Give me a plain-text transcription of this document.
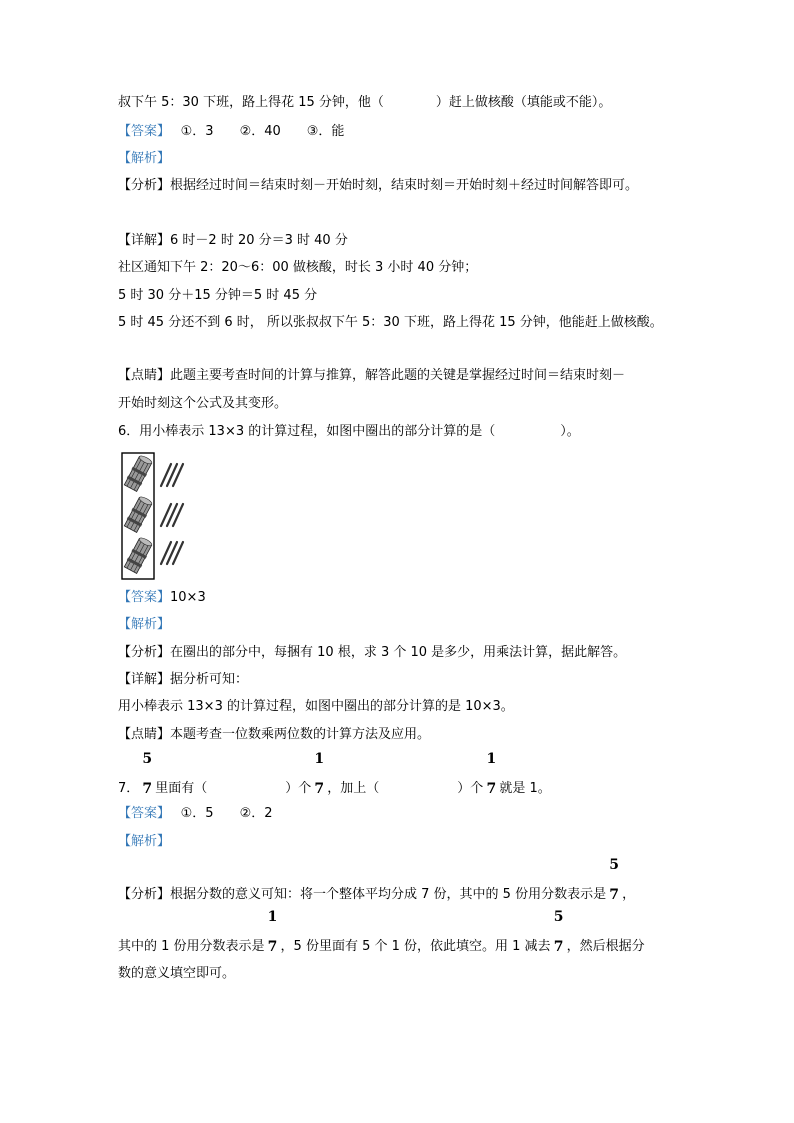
叔下午 5：30 下班，路上得花 15 分钟，他（　　　　）赶上做核酸（填能或不能）。
【答案】　 ①．3　　②．40　　③．能
【解析】
【分析】根据经过时间＝结束时刻－开始时刻，结束时刻＝开始时刻＋经过时间解答即可。
【详解】6 时－2 时 20 分＝3 时 40 分
社区通知下午 2：20～6：00 做核酸，时长 3 小时 40 分钟；
5 时 30 分＋15 分钟＝5 时 45 分
5 时 45 分还不到 6 时， 所以张叔叔下午 5：30 下班，路上得花 15 分钟，他能赶上做核酸。
【点睛】此题主要考查时间的计算与推算，解答此题的关键是掌握经过时间＝结束时刻－
开始时刻这个公式及其变形。
6．用小棒表示 13×3 的计算过程，如图中圈出的部分计算的是（　　　　　）。
【答案】10×3
【解析】
【分析】在圈出的部分中，每捆有 10 根，求 3 个 10 是多少，用乘法计算，据此解答。
【详解】据分析可知：
用小棒表示 13×3 的计算过程，如图中圈出的部分计算的是 10×3。
【点睛】本题考查一位数乘两位数的计算方法及应用。
7．
5
7 里面有（　　　　　　）个
1
7 ，加上（　　　　　　）个
1
7 就是 1。
【答案】　 ①．5　　②．2
【解析】
【分析】根据分数的意义可知：将一个整体平均分成 7 份，其中的 5 份用分数表示是
5
7 ，
其中的 1 份用分数表示是
1
7 ，5 份里面有 5 个 1 份，依此填空。用 1 减去
5
7 ，然后根据分
数的意义填空即可。
